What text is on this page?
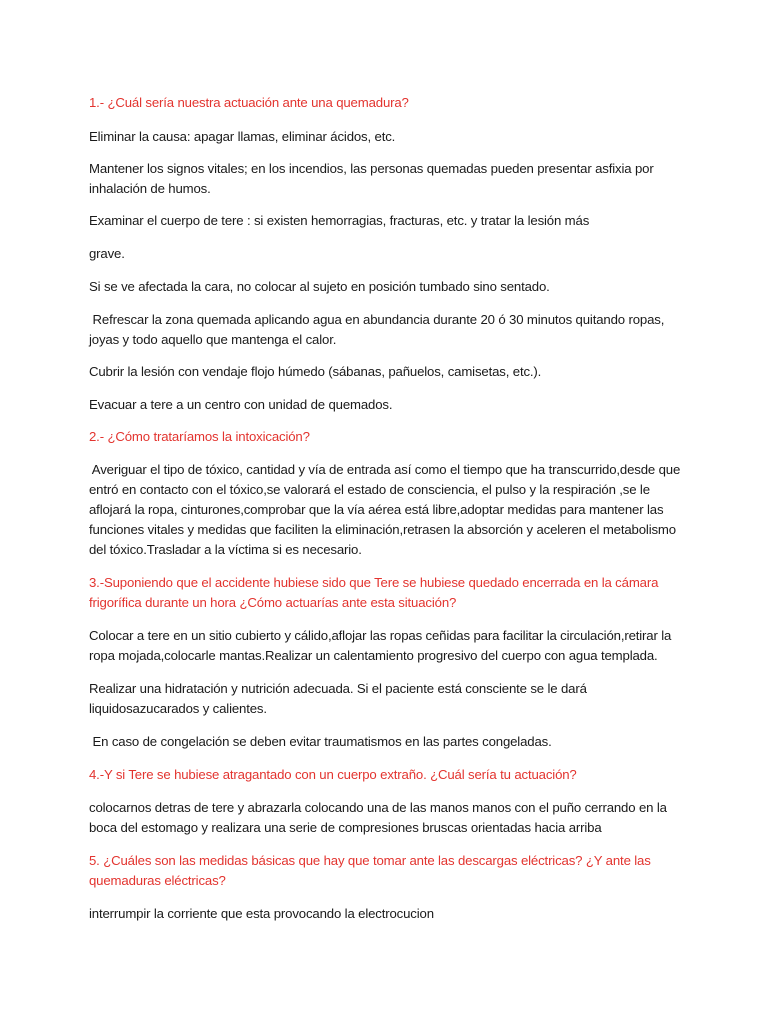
1.- ¿Cuál sería nuestra actuación ante una quemadura?

Eliminar la causa: apagar llamas, eliminar ácidos, etc.

Mantener los signos vitales; en los incendios, las personas quemadas pueden presentar asfixia por

inhalación de humos.

Examinar el cuerpo de tere : si existen hemorragias, fracturas, etc. y tratar la lesión más

grave.

Si se ve afectada la cara, no colocar al sujeto en posición tumbado sino sentado.

Refrescar la zona quemada aplicando agua en abundancia durante 20 ó 30 minutos quitando ropas,

joyas y todo aquello que mantenga el calor.

Cubrir la lesión con vendaje flojo húmedo (sábanas, pañuelos, camisetas, etc.).

Evacuar a tere a un centro con unidad de quemados.

2.- ¿Cómo trataríamos la intoxicación?

Averiguar el tipo de tóxico, cantidad y vía de entrada así como el tiempo que ha transcurrido,desde que

entró en contacto con el tóxico,se valorará el estado de consciencia, el pulso y la respiración ,se le

aflojará la ropa, cinturones,comprobar que la vía aérea está libre,adoptar medidas para mantener las

funciones vitales y medidas que faciliten la eliminación,retrasen la absorción y aceleren el metabolismo

del tóxico.Trasladar a la víctima si es necesario.

3.-Suponiendo que el accidente hubiese sido que Tere se hubiese quedado encerrada en la cámara

frigorífica durante un hora ¿Cómo actuarías ante esta situación?

Colocar a tere en un sitio cubierto y cálido,aflojar las ropas ceñidas para facilitar la circulación,retirar la

ropa mojada,colocarle mantas.Realizar un calentamiento progresivo del cuerpo con agua templada.

Realizar una hidratación y nutrición adecuada. Si el paciente está consciente se le dará

liquidosazucarados y calientes.

En caso de congelación se deben evitar traumatismos en las partes congeladas.

4.-Y si Tere se hubiese atragantado con un cuerpo extraño. ¿Cuál sería tu actuación?

colocarnos detras de tere y abrazarla colocando una de las manos manos con el puño cerrando en la

boca del estomago y realizara una serie de compresiones bruscas orientadas hacia arriba

5. ¿Cuáles son las medidas básicas que hay que tomar ante las descargas eléctricas? ¿Y ante las

quemaduras eléctricas?

interrumpir la corriente que esta provocando la electrocucion
